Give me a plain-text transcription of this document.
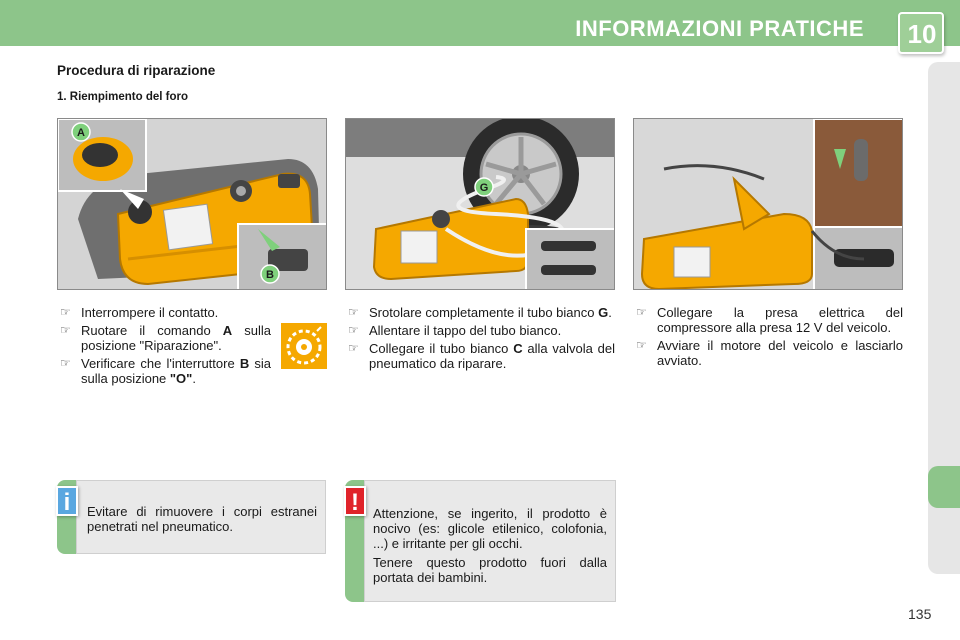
INFORMAZIONI PRATICHE 10
Procedura di riparazione
1. Riempimento del foro
A
B
G
☞ Interrompere il contatto.
☞ Ruotare il comando A sulla posizione "Riparazione".
☞ Verificare che l'interruttore B sia sulla posizione "O".
☞ Srotolare completamente il tubo bianco G.
☞ Allentare il tappo del tubo bianco.
☞ Collegare il tubo bianco C alla valvola del pneumatico da riparare.
☞ Collegare la presa elettrica del compressore alla presa 12 V del veicolo.
☞ Avviare il motore del veicolo e lasciarlo avviato.

Evitare di rimuovere i corpi estranei penetrati nel pneumatico.

i	Attenzione, se ingerito, il prodotto è nocivo (es: glicole etilenico, colofonia, ...) e irritante per gli occhi.

Tenere questo prodotto fuori dalla portata dei bambini.

!
135
